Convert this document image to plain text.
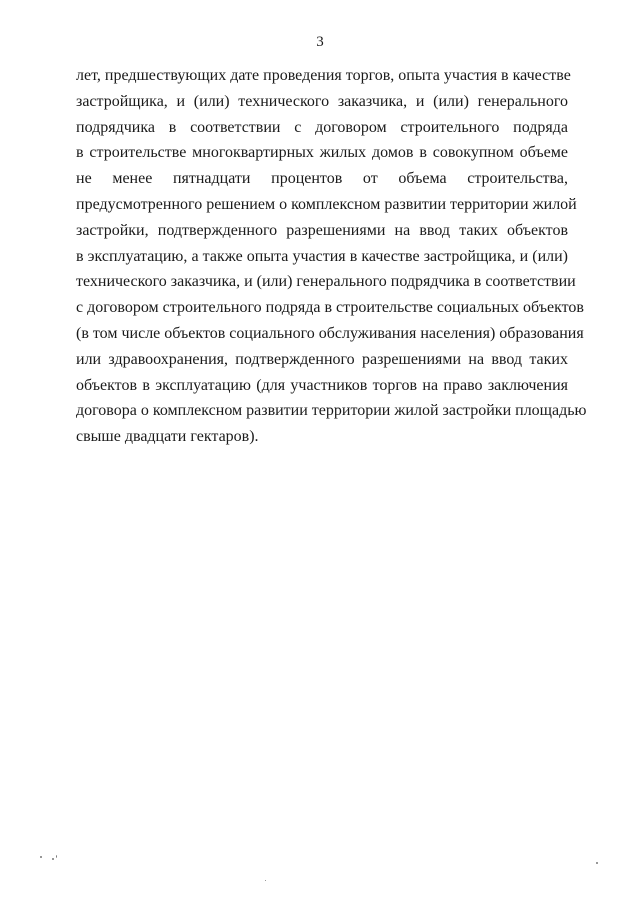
3
лет, предшествующих дате проведения торгов, опыта участия в качестве
застройщика, и (или) технического заказчика, и (или) генерального
подрядчика в соответствии с договором строительного подряда
в строительстве многоквартирных жилых домов в совокупном объеме
не менее пятнадцати процентов от объема строительства,
предусмотренного решением о комплексном развитии территории жилой
застройки, подтвержденного разрешениями на ввод таких объектов
в эксплуатацию, а также опыта участия в качестве застройщика, и (или)
технического заказчика, и (или) генерального подрядчика в соответствии
с договором строительного подряда в строительстве социальных объектов
(в том числе объектов социального обслуживания населения) образования
или здравоохранения, подтвержденного разрешениями на ввод таких
объектов в эксплуатацию (для участников торгов на право заключения
договора о комплексном развитии территории жилой застройки площадью
свыше двадцати гектаров).
